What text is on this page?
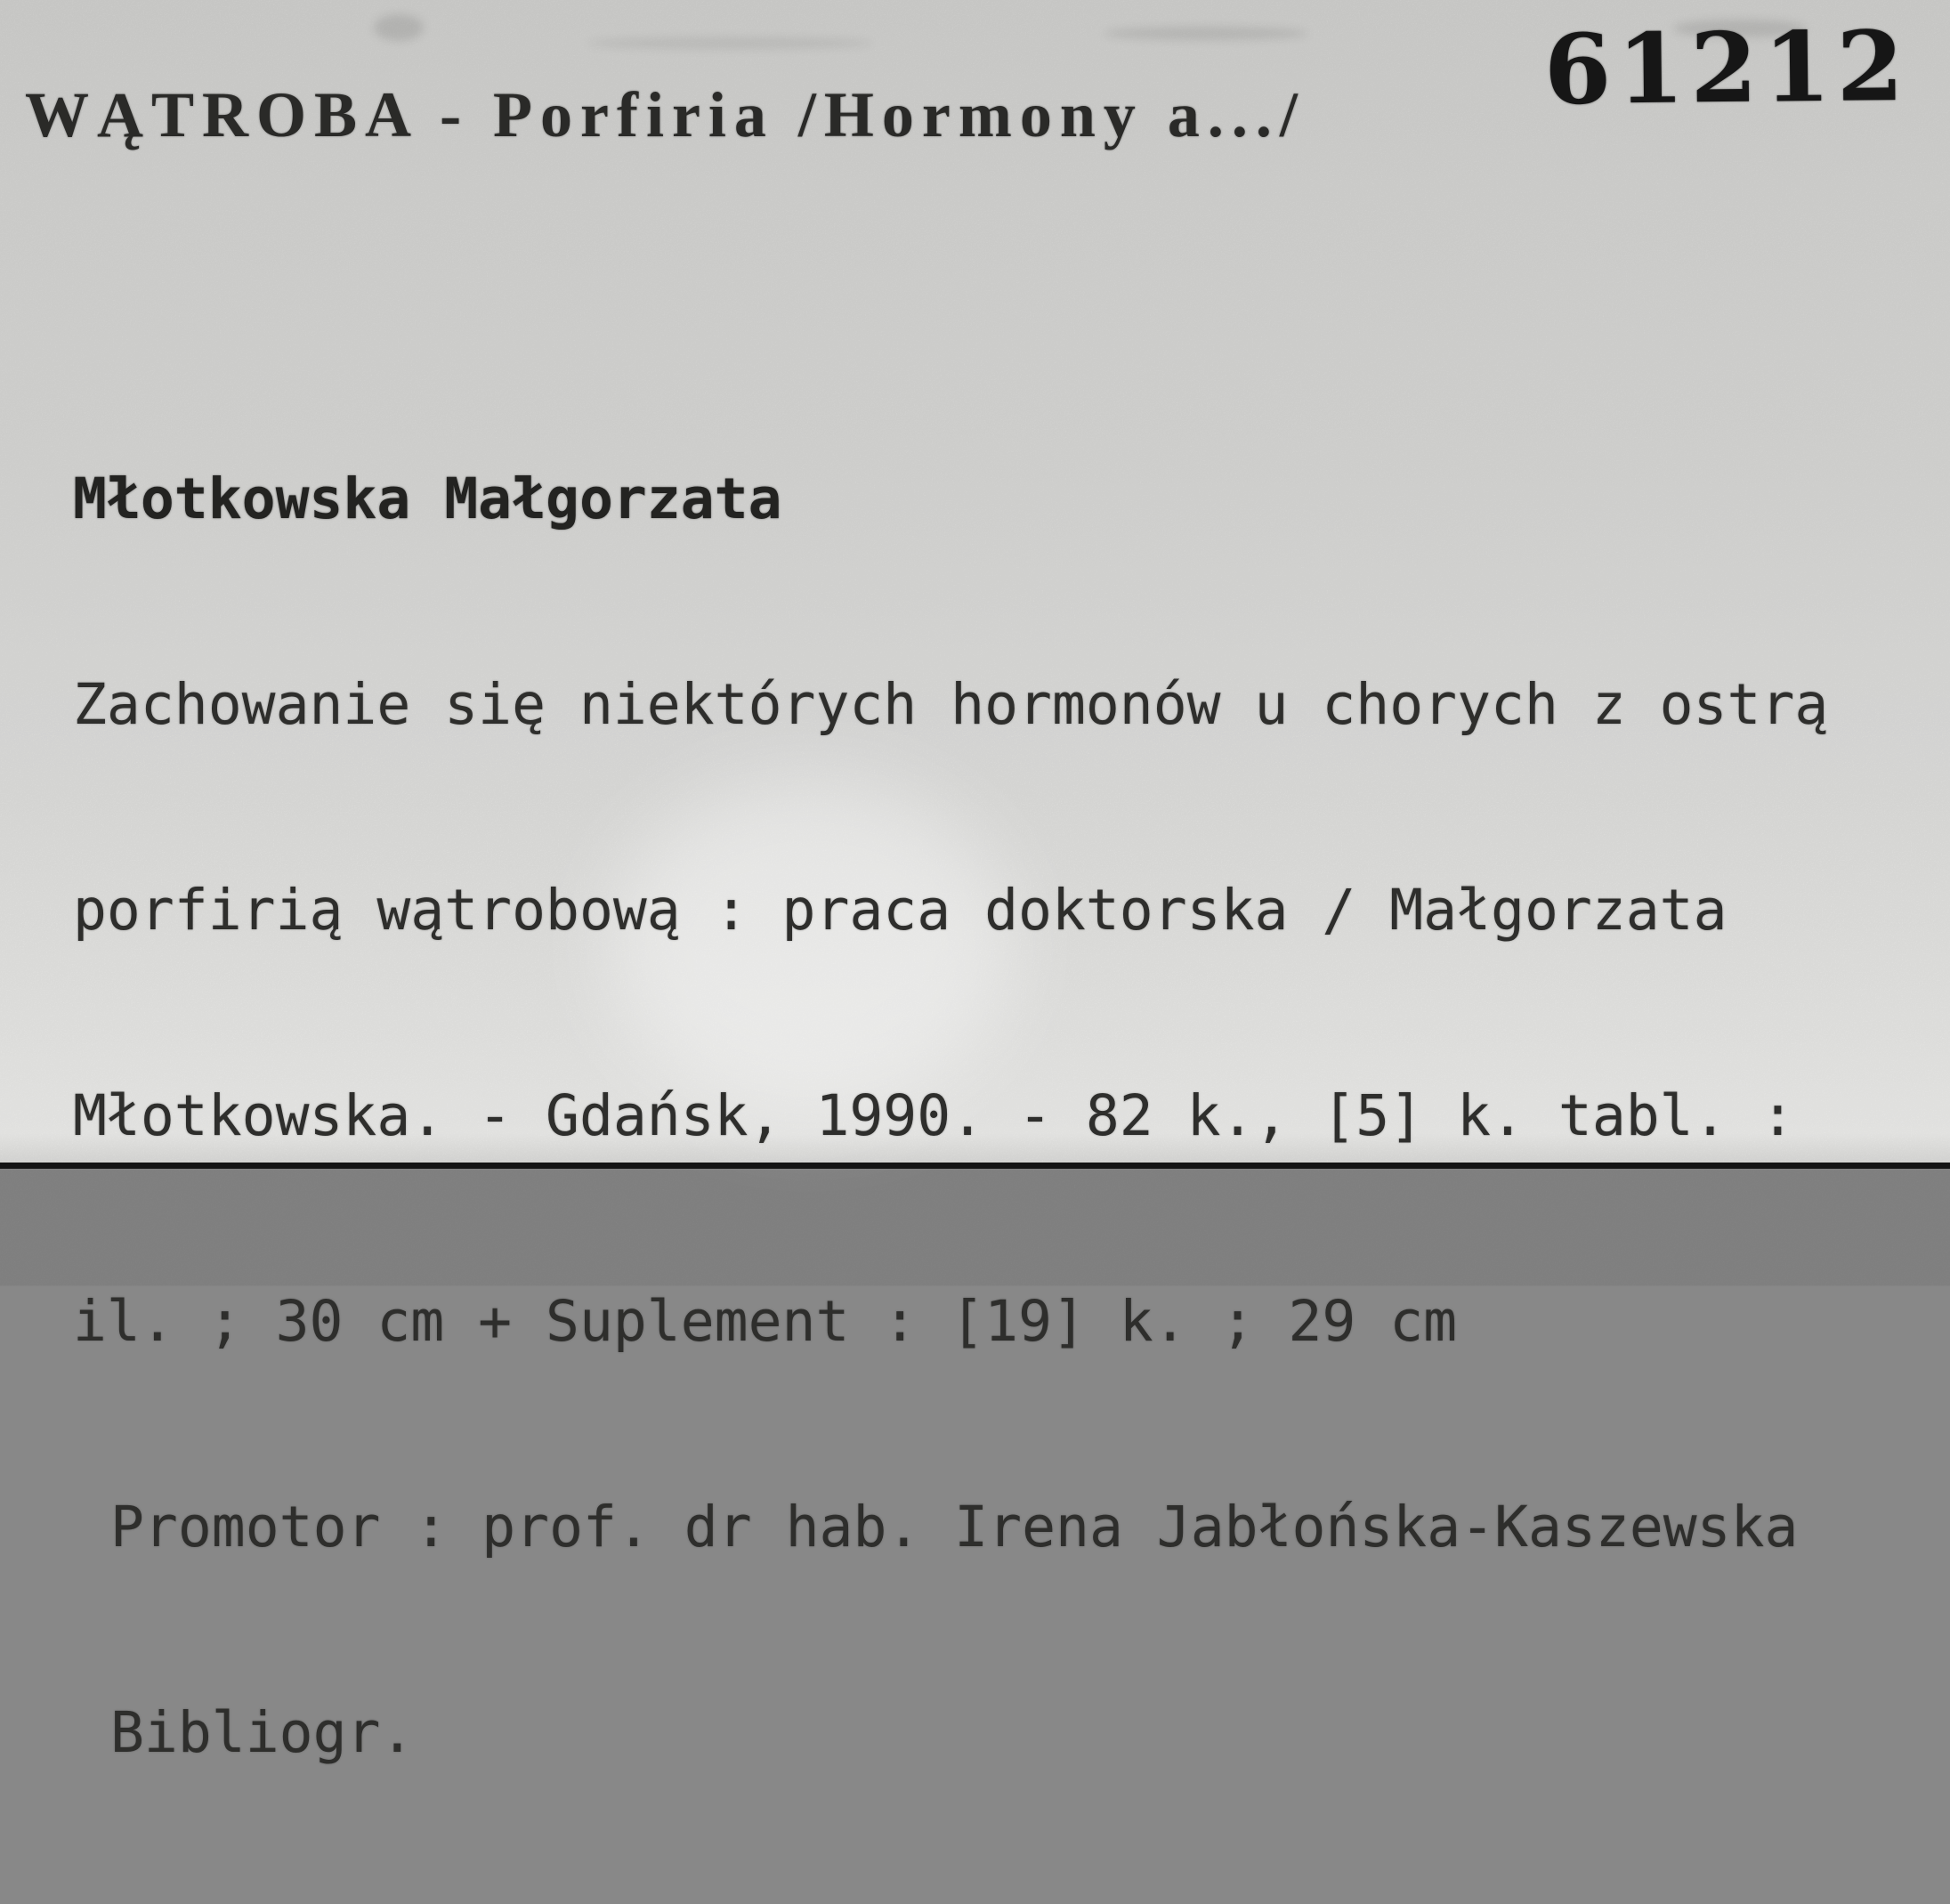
WĄTROBA - Porfiria /Hormony a.../ 61212

Młotkowska Małgorzata

Zachowanie się niektórych hormonów u chorych z ostrą

porfirią wątrobową : praca doktorska / Małgorzata

Młotkowska. - Gdańsk, 1990. - 82 k., [5] k. tabl. :

il. ; 30 cm + Suplement : [19] k. ; 29 cm

Promotor : prof. dr hab. Irena Jabłońska-Kaszewska

Bibliogr.
